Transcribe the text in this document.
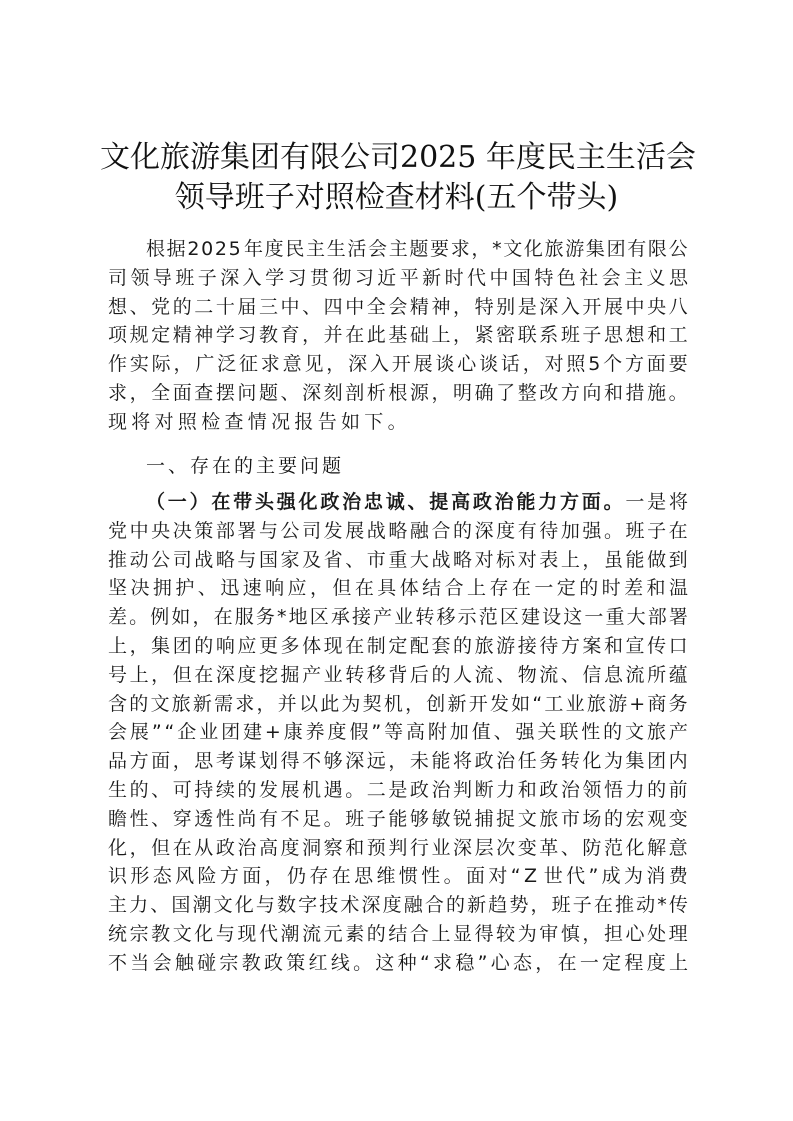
文化旅游集团有限公司2025 年度民主生活会
领导班子对照检查材料(五个带头)
根 据 2 0 2 5 年 度 民 主 生 活 会 主 题 要 求 ， * 文 化 旅 游 集 团 有 限 公
司 领 导 班 子 深 入 学 习 贯 彻 习 近 平 新 时 代 中 国 特 色 社 会 主 义 思
想 、 党 的 二 十 届 三 中 、 四 中 全 会 精 神 ， 特 别 是 深 入 开 展 中 央 八
项 规 定 精 神 学 习 教 育 ， 并 在 此 基 础 上 ， 紧 密 联 系 班 子 思 想 和 工
作 实 际 ， 广 泛 征 求 意 见 ， 深 入 开 展 谈 心 谈 话 ， 对 照 5 个 方 面 要
求 ， 全 面 查 摆 问 题 、 深 刻 剖 析 根 源 ， 明 确 了 整 改 方 向 和 措 施 。
现将对照检查情况报告如下。
一、存在的主要问题
（一）在带头强化政治忠诚、提高政治能力方面。一是将
党 中 央 决 策 部 署 与 公 司 发 展 战 略 融 合 的 深 度 有 待 加 强 。 班 子 在
推 动 公 司 战 略 与 国 家 及 省 、 市 重 大 战 略 对 标 对 表 上 ， 虽 能 做 到
坚 决 拥 护 、 迅 速 响 应 ， 但 在 具 体 结 合 上 存 在 一 定 的 时 差 和 温
差 。 例 如 ， 在 服 务 * 地 区 承 接 产 业 转 移 示 范 区 建 设 这 一 重 大 部 署
上 ， 集 团 的 响 应 更 多 体 现 在 制 定 配 套 的 旅 游 接 待 方 案 和 宣 传 口
号 上 ， 但 在 深 度 挖 掘 产 业 转 移 背 后 的 人 流 、 物 流 、 信 息 流 所 蕴
含 的 文 旅 新 需 求 ， 并 以 此 为 契 机 ， 创 新 开 发 如 “ 工 业 旅 游 + 商 务
会 展 ” “ 企 业 团 建 + 康 养 度 假 ” 等 高 附 加 值 、 强 关 联 性 的 文 旅 产
品 方 面 ， 思 考 谋 划 得 不 够 深 远 ， 未 能 将 政 治 任 务 转 化 为 集 团 内
生 的 、 可 持 续 的 发 展 机 遇 。 二 是 政 治 判 断 力 和 政 治 领 悟 力 的 前
瞻 性 、 穿 透 性 尚 有 不 足 。 班 子 能 够 敏 锐 捕 捉 文 旅 市 场 的 宏 观 变
化 ， 但 在 从 政 治 高 度 洞 察 和 预 判 行 业 深 层 次 变 革 、 防 范 化 解 意
识 形 态 风 险 方 面 ， 仍 存 在 思 维 惯 性 。 面 对 “ Z 世 代 ” 成 为 消 费
主 力 、 国 潮 文 化 与 数 字 技 术 深 度 融 合 的 新 趋 势 ， 班 子 在 推 动 * 传
统 宗 教 文 化 与 现 代 潮 流 元 素 的 结 合 上 显 得 较 为 审 慎 ， 担 心 处 理
不 当 会 触 碰 宗 教 政 策 红 线 。 这 种 “ 求 稳 ” 心 态 ， 在 一 定 程 度 上
